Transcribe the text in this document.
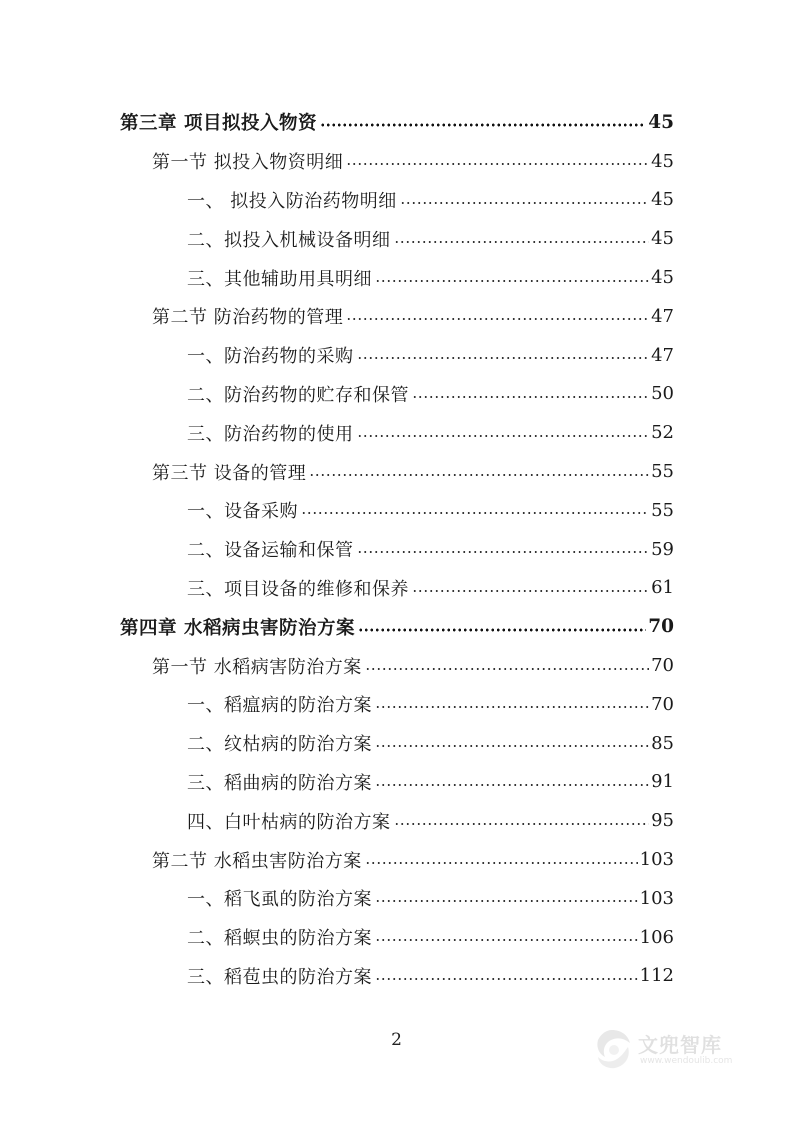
第三章 项目拟投入物资	45
第一节 拟投入物资明细	45
一、 拟投入防治药物明细	45
二、拟投入机械设备明细	45
三、其他辅助用具明细	45
第二节 防治药物的管理	47
一、防治药物的采购	47
二、防治药物的贮存和保管	50
三、防治药物的使用	52
第三节 设备的管理	55
一、设备采购	55
二、设备运输和保管	59
三、项目设备的维修和保养	61
第四章 水稻病虫害防治方案	70
第一节 水稻病害防治方案	70
一、稻瘟病的防治方案	70
二、纹枯病的防治方案	85
三、稻曲病的防治方案	91
四、白叶枯病的防治方案	95
第二节 水稻虫害防治方案	103
一、稻飞虱的防治方案	103
二、稻螟虫的防治方案	106
三、稻苞虫的防治方案	112
2	文兜智库
www.wendoulib.com
